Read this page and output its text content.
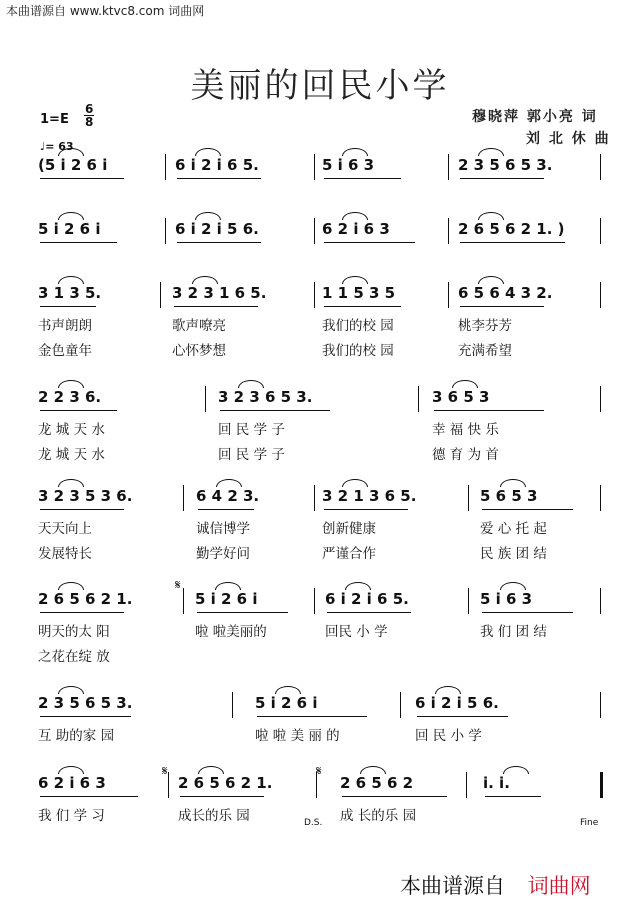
本曲谱源自 www.ktvc8.com 词曲网
美丽的回民小学
1=E
6
8
♩= 63
穆晓萍 郭小亮 词
刘 北 休 曲
(5 i 2 6 i	6 i 2 i 6 5.	5 i 6 3	2 3 5 6 5 3.
5 i 2 6 i	6 i 2 i 5 6.	6 2 i 6 3	2 6 5 6 2 1. )
3 1 3 5.	3 2 3 1 6 5.	1 1 5 3 5	6 5 6 4 3 2.
书声朗朗	歌声嘹亮	我们的校 园	桃李芬芳
金色童年	心怀梦想	我们的校 园	充满希望
2 2 3 6.	3 2 3 6 5 3.	3 6 5 3
龙 城 天 水	回 民 学 子	幸 福 快 乐
龙 城 天 水	回 民 学 子	德 育 为 首
3 2 3 5 3 6.	6 4 2 3.	3 2 1 3 6 5.	5 6 5 3
天天向上	诚信博学	创新健康	爱 心 托 起
发展特长	勤学好问	严谨合作	民 族 团 结
2 6 5 6 2 1.	5 i 2 6 i	6 i 2 i 6 5.	5 i 6 3
明天的太 阳	啦 啦美丽的	回民 小 学	我 们 团 结
之花在绽 放
2 3 5 6 5 3.	5 i 2 6 i	6 i 2 i 5 6.
互 助的家 园	啦 啦 美 丽 的	回 民 小 学
6 2 i 6 3	2 6 5 6 2 1.	2 6 5 6 2	i. i.
我 们 学 习	成长的乐 园	成 长的乐 园
𝄋
𝄋	𝄋
D.S.	Fine
本曲谱源自 词曲网
